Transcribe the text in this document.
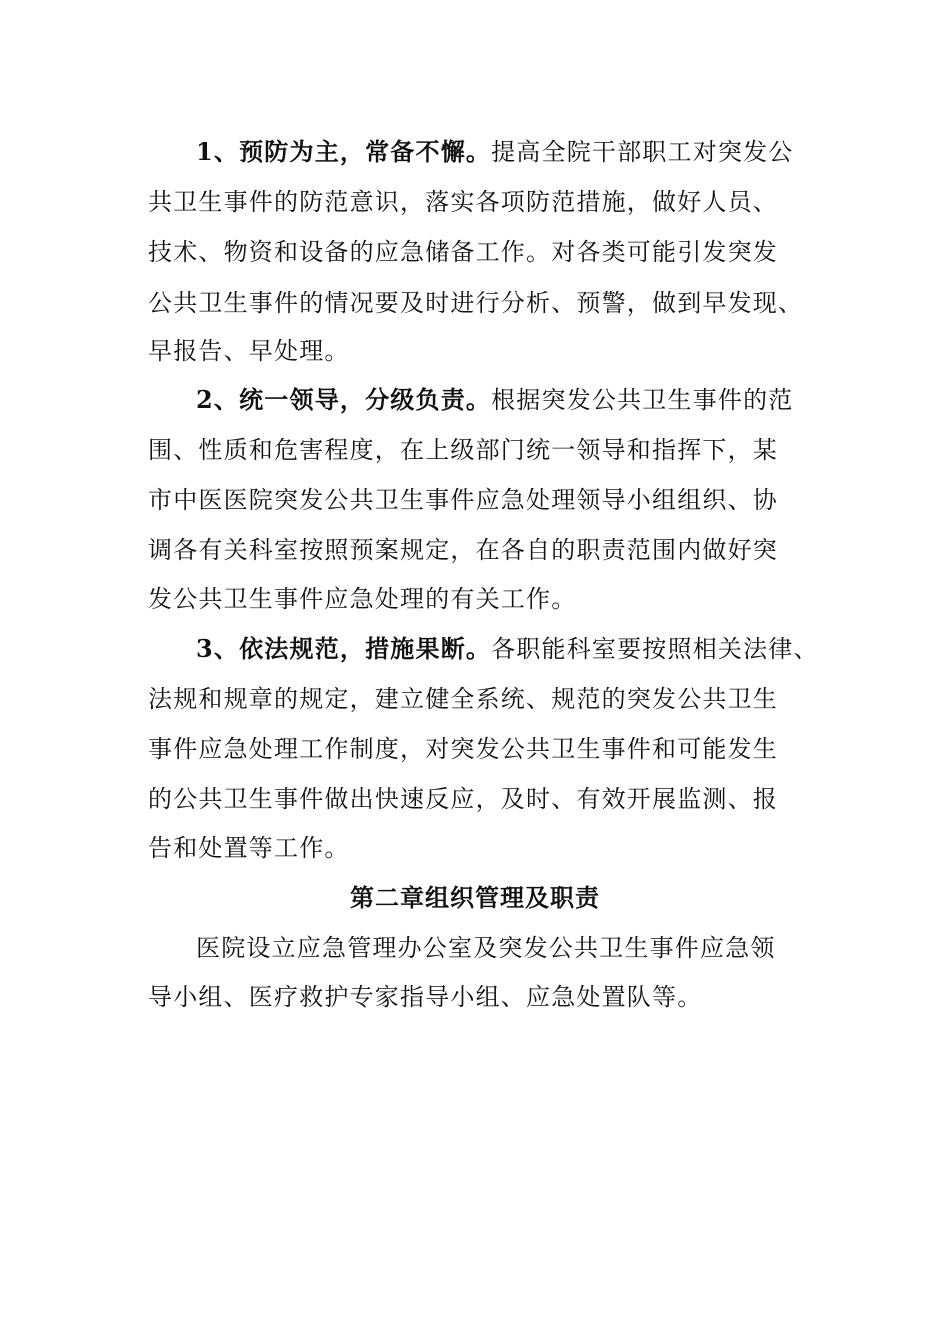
1、预防为主，常备不懈。提高全院干部职工对突发公
共卫生事件的防范意识，落实各项防范措施，做好人员、
技术、物资和设备的应急储备工作。对各类可能引发突发
公共卫生事件的情况要及时进行分析、预警，做到早发现、
早报告、早处理。
2、统一领导，分级负责。根据突发公共卫生事件的范
围、性质和危害程度，在上级部门统一领导和指挥下，某
市中医医院突发公共卫生事件应急处理领导小组组织、协
调各有关科室按照预案规定，在各自的职责范围内做好突
发公共卫生事件应急处理的有关工作。
3、依法规范，措施果断。各职能科室要按照相关法律、
法规和规章的规定，建立健全系统、规范的突发公共卫生
事件应急处理工作制度，对突发公共卫生事件和可能发生
的公共卫生事件做出快速反应，及时、有效开展监测、报
告和处置等工作。
第二章组织管理及职责
医院设立应急管理办公室及突发公共卫生事件应急领
导小组、医疗救护专家指导小组、应急处置队等。
